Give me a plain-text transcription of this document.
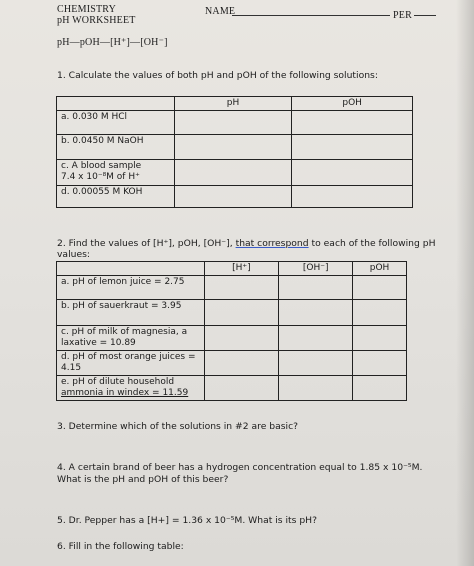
CHEMISTRY
pH WORKSHEET
NAME	PER
pH—pOH—[H⁺]—[OH⁻]
1. Calculate the values of both pH and pOH of the following solutions:
	pH	pOH

a. 0.030 M HCl		

b. 0.0450 M NaOH		

c. A blood sample
7.4 x 10⁻⁸M of H⁺		

d. 0.00055 M KOH		

2. Find the values of [H⁺], pOH, [OH⁻], that correspond to each of the following pH
values:
	[H⁺]	[OH⁻]	pOH

a. pH of lemon juice = 2.75			

b. pH of sauerkraut = 3.95			

c. pH of milk of magnesia, a
laxative = 10.89			

d. pH of most orange juices =
4.15			

e. pH of dilute household
ammonia in windex = 11.59			

3. Determine which of the solutions in #2 are basic?
4. A certain brand of beer has a hydrogen concentration equal to 1.85 x 10⁻⁵M.
What is the pH and pOH of this beer?
5. Dr. Pepper has a [H+] = 1.36 x 10⁻⁵M. What is its pH?
6. Fill in the following table:
